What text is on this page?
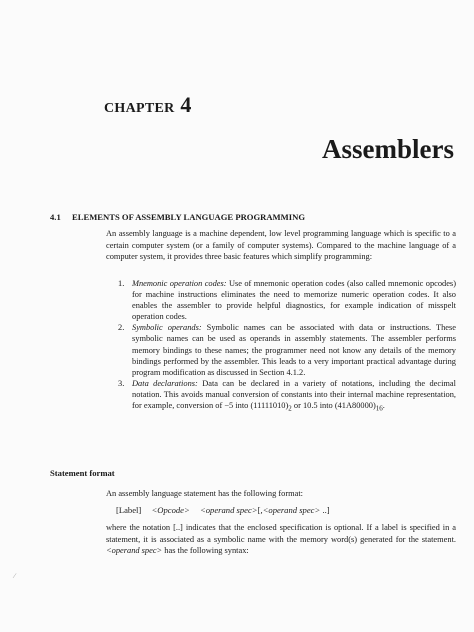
CHAPTER 4
Assemblers
4.1 ELEMENTS OF ASSEMBLY LANGUAGE PROGRAMMING

An assembly language is a machine dependent, low level programming language which is specific to a certain computer system (or a family of computer systems). Compared to the machine language of a computer system, it provides three basic features which simplify programming:

1. Mnemonic operation codes: Use of mnemonic operation codes (also called mnemonic opcodes) for machine instructions eliminates the need to memorize numeric operation codes. It also enables the assembler to provide helpful diagnostics, for example indication of misspelt operation codes.
2. Symbolic operands: Symbolic names can be associated with data or instructions. These symbolic names can be used as operands in assembly statements. The assembler performs memory bindings to these names; the programmer need not know any details of the memory bindings performed by the assembler. This leads to a very important practical advantage during program modification as discussed in Section 4.1.2.
3. Data declarations: Data can be declared in a variety of notations, including the decimal notation. This avoids manual conversion of constants into their internal machine representation, for example, conversion of −5 into $(11111010)_2$ or 10.5 into $(41A80000)_{16}$.
Statement format

An assembly language statement has the following format:

[Label] <Opcode> <operand spec>[,<operand spec> ..]

where the notation [..] indicates that the enclosed specification is optional. If a label is specified in a statement, it is associated as a symbolic name with the memory word(s) generated for the statement. <operand spec> has the following syntax:

∕
